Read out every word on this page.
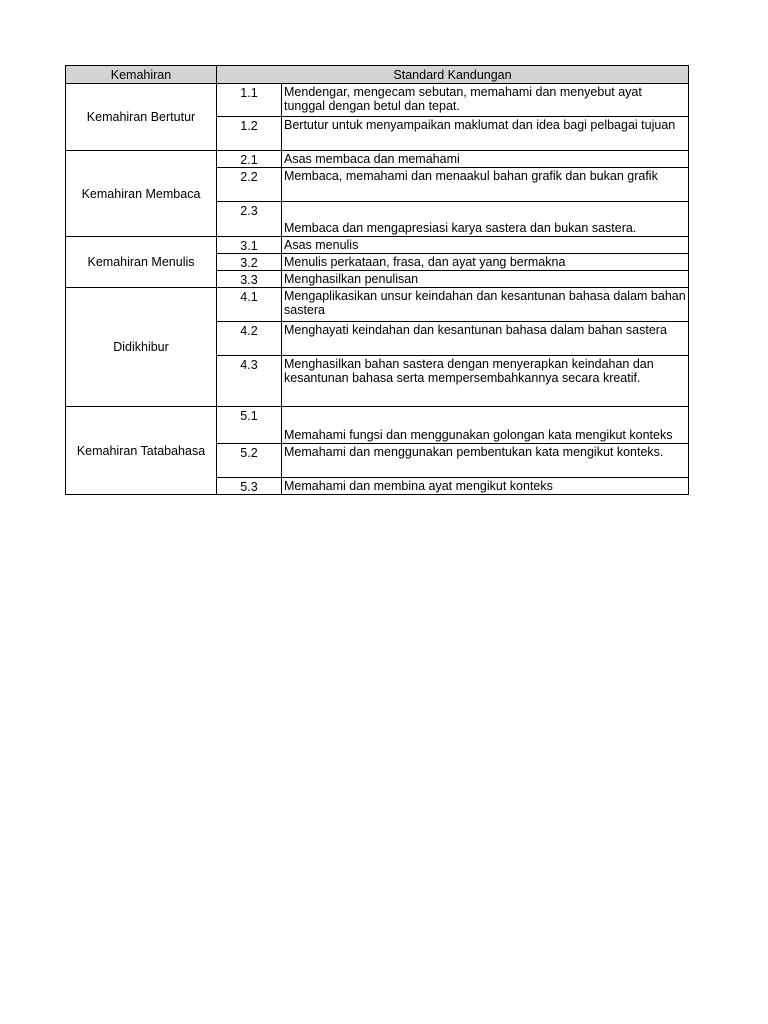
Kemahiran	Standard Kandungan	
Kemahiran Bertutur	1.1	Mendengar, mengecam sebutan, memahami dan menyebut ayat tunggal dengan betul dan tepat.
	1.2	Bertutur untuk menyampaikan maklumat dan idea bagi pelbagai tujuan
Kemahiran Membaca	2.1	Asas membaca dan memahami
	2.2	Membaca, memahami dan menaakul bahan grafik dan bukan grafik
	2.3	Membaca dan mengapresiasi karya sastera dan bukan sastera.
Kemahiran Menulis	3.1	Asas menulis
	3.2	Menulis perkataan, frasa, dan ayat yang bermakna
	3.3	Menghasilkan penulisan
Didikhibur	4.1	Mengaplikasikan unsur keindahan dan kesantunan bahasa dalam bahan sastera
	4.2	Menghayati keindahan dan kesantunan bahasa dalam bahan sastera
	4.3	Menghasilkan bahan sastera dengan menyerapkan keindahan dan kesantunan bahasa serta mempersembahkannya secara kreatif.
Kemahiran Tatabahasa	5.1	Memahami fungsi dan menggunakan golongan kata mengikut konteks
	5.2	Memahami dan menggunakan pembentukan kata mengikut konteks.
	5.3	Memahami dan membina ayat mengikut konteks
